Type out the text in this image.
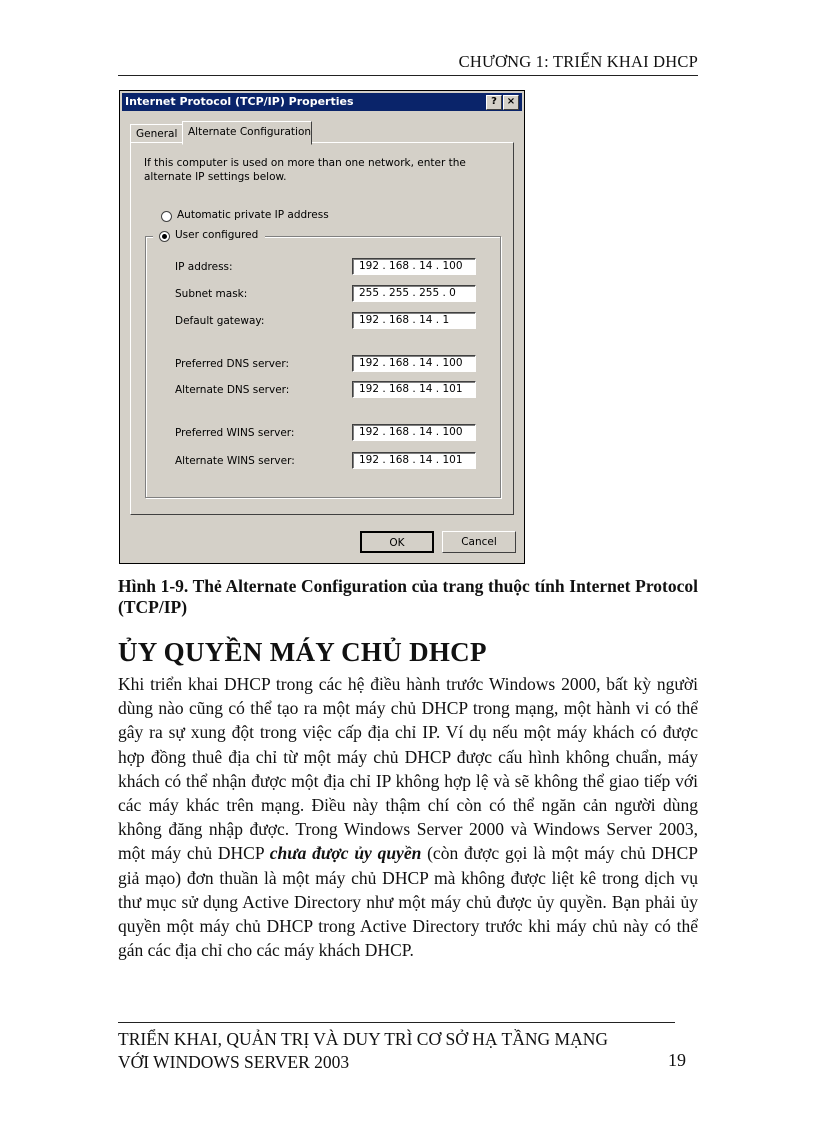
CHƯƠNG 1: TRIỂN KHAI DHCP
Internet Protocol (TCP/IP) Properties	? ×
General	Alternate Configuration
If this computer is used on more than one network, enter the alternate IP settings below.
Automatic private IP address
IP address:	192 . 168 . 14 . 100
Subnet mask:	255 . 255 . 255 . 0
Default gateway:	192 . 168 . 14 . 1
Preferred DNS server:	192 . 168 . 14 . 100
Alternate DNS server:	192 . 168 . 14 . 101
Preferred WINS server:	192 . 168 . 14 . 100
Alternate WINS server:	192 . 168 . 14 . 101
User configured
OK	Cancel
Hình 1-9. Thẻ Alternate Configuration của trang thuộc tính Internet Protocol (TCP/IP)
ỦY QUYỀN MÁY CHỦ DHCP
Khi triển khai DHCP trong các hệ điều hành trước Windows 2000, bất kỳ người dùng nào cũng có thể tạo ra một máy chủ DHCP trong mạng, một hành vi có thể gây ra sự xung đột trong việc cấp địa chỉ IP. Ví dụ nếu một máy khách có được hợp đồng thuê địa chỉ từ một máy chủ DHCP được cấu hình không chuẩn, máy khách có thể nhận được một địa chỉ IP không hợp lệ và sẽ không thể giao tiếp với các máy khác trên mạng. Điều này thậm chí còn có thể ngăn cản người dùng không đăng nhập được. Trong Windows Server 2000 và Windows Server 2003, một máy chủ DHCP chưa được ủy quyền (còn được gọi là một máy chủ DHCP giả mạo) đơn thuần là một máy chủ DHCP mà không được liệt kê trong dịch vụ thư mục sử dụng Active Directory như một máy chủ được ủy quyền. Bạn phải ủy quyền một máy chủ DHCP trong Active Directory trước khi máy chủ này có thể gán các địa chỉ cho các máy khách DHCP.
TRIỂN KHAI, QUẢN TRỊ VÀ DUY TRÌ CƠ SỞ HẠ TẦNG MẠNG
VỚI WINDOWS SERVER 2003	19
